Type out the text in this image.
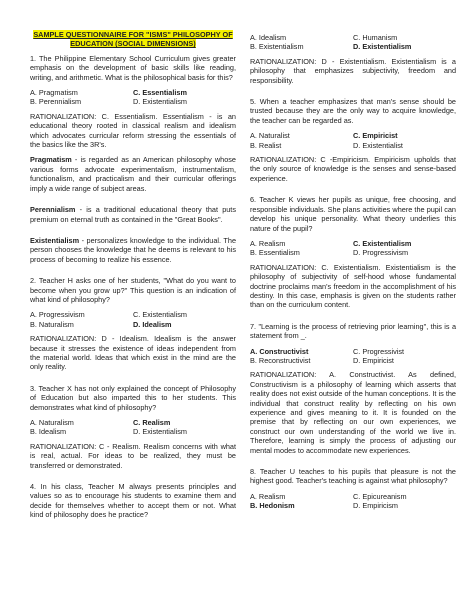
SAMPLE QUESTIONNAIRE FOR "ISMS" PHILOSOPHY OF EDUCATION (SOCIAL DIMENSIONS)

1. The Philippine Elementary School Curriculum gives greater emphasis on the development of basic skills like reading, writing, and arithmetic. What is the philosophical basis for this?

A. Pragmatism	C. Essentialism
B. Perennialism	D. Existentialism

RATIONALIZATION: C. Essentialism. Essentialism - is an educational theory rooted in classical realism and idealism which advocates curricular reform stressing the essentials of the basics like the 3R's.

Pragmatism - is regarded as an American philosophy whose various forms advocate experimentalism, instrumentalism, functionalism, and practicalism and their curricular offerings imply a wide range of subject areas.

Perennialism - is a traditional educational theory that puts premium on eternal truth as contained in the "Great Books".

Existentialism - personalizes knowledge to the individual. The person chooses the knowledge that he deems is relevant to his process of becoming to realize his essence.

2. Teacher H asks one of her students, "What do you want to become when you grow up?" This question is an indication of what kind of philosophy?

A. Progressivism	C. Existentialism
B. Naturalism	D. Idealism

RATIONALIZATION: D - Idealism. Idealism is the answer because it stresses the existence of ideas independent from the material world. Ideas that which exist in the mind are the only reality.

3. Teacher X has not only explained the concept of Philosophy of Education but also imparted this to her students. This demonstrates what kind of philosophy?

A. Naturalism	C. Realism
B. Idealism	D. Existentialism

RATIONALIZATION: C - Realism. Realism concerns with what is real, actual. For ideas to be realized, they must be transferred or demonstrated.

4. In his class, Teacher M always presents principles and values so as to encourage his students to examine them and decide for themselves whether to accept them or not. What kind of philosophy does he practice?

A. Idealism	C. Humanism
B. Existentialism	D. Existentialism

RATIONALIZATION: D - Existentialism. Existentialism is a philosophy that emphasizes subjectivity, freedom and responsibility.

5. When a teacher emphasizes that man's sense should be trusted because they are the only way to acquire knowledge, the teacher can be regarded as.

A. Naturalist	C. Empiricist
B. Realist	D. Existentialist

RATIONALIZATION: C -Empiricism. Empiricism upholds that the only source of knowledge is the senses and sense-based experience.

6. Teacher K views her pupils as unique, free choosing, and responsible individuals. She plans activities where the pupil can develop his unique personality. What theory underlies this nature of the pupil?

A. Realism	C. Existentialism
B. Essentialism	D. Progressivism

RATIONALIZATION: C. Existentialism. Existentialism is the philosophy of subjectivity of self-hood whose fundamental doctrine proclaims man's freedom in the accomplishment of his destiny. In this case, emphasis is given on the students rather than on the curriculum content.

7. "Learning is the process of retrieving prior learning", this is a statement from _.

A. Constructivist	C. Progressivist
B. Reconstructivist	D. Empiricist

RATIONALIZATION: A. Constructivist. As defined, Constructivism is a philosophy of learning which asserts that reality does not exist outside of the human conceptions. It is the individual that construct reality by reflecting on his own experience and gives meaning to it. It is founded on the premise that by reflecting on our own experiences, we construct our own understanding of the world we live in. Therefore, learning is simply the process of adjusting our mental modes to accommodate new experiences.

8. Teacher U teaches to his pupils that pleasure is not the highest good. Teacher's teaching is against what philosophy?

A. Realism	C. Epicureanism
B. Hedonism	D. Empiricism
